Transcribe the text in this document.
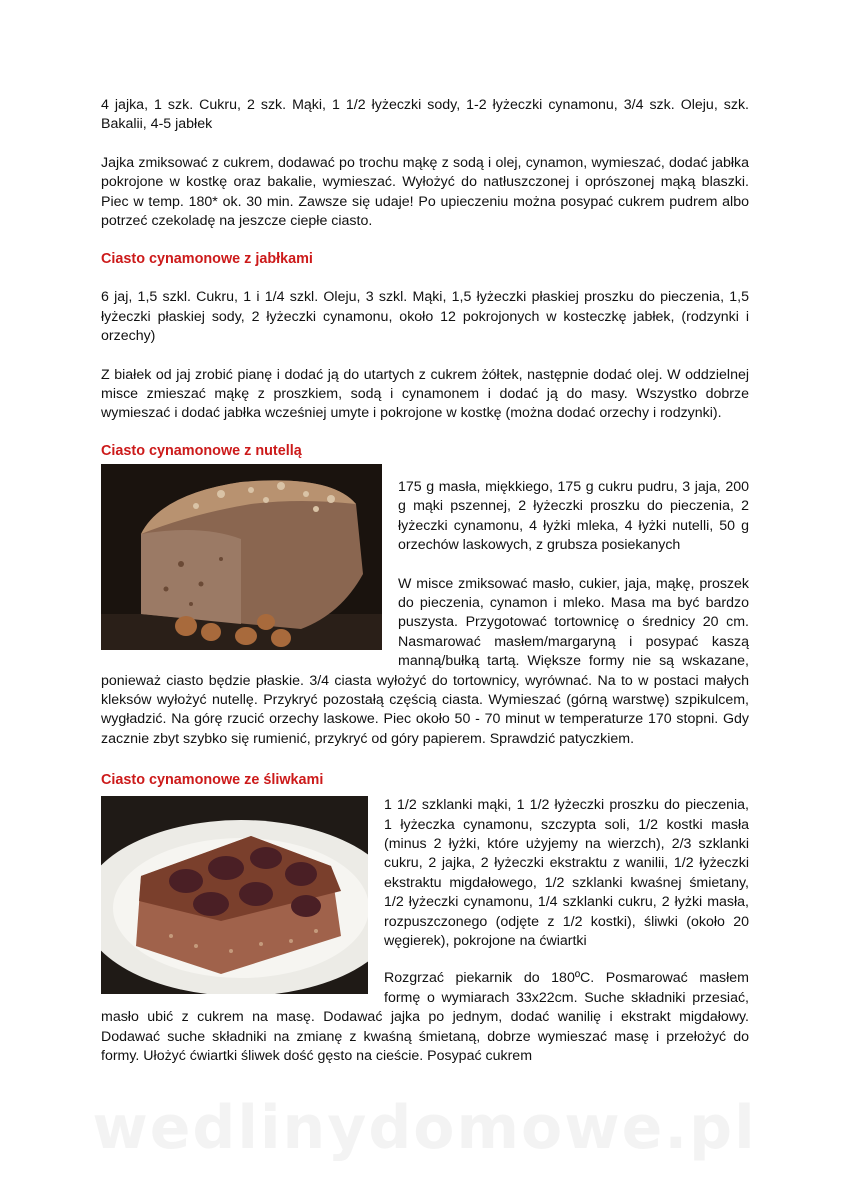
4 jajka, 1 szk. Cukru, 2 szk. Mąki, 1 1/2 łyżeczki sody, 1-2 łyżeczki cynamonu, 3/4 szk. Oleju, szk. Bakalii, 4-5 jabłek

Jajka zmiksować z cukrem, dodawać po trochu mąkę z sodą i olej, cynamon, wymieszać, dodać jabłka pokrojone w kostkę oraz bakalie, wymieszać. Wyłożyć do natłuszczonej i oprószonej mąką blaszki. Piec w temp. 180* ok. 30 min. Zawsze się udaje! Po upieczeniu można posypać cukrem pudrem albo potrzeć czekoladę na jeszcze ciepłe ciasto.

Ciasto cynamonowe z jabłkami

6 jaj, 1,5 szkl. Cukru, 1 i 1/4 szkl. Oleju, 3 szkl. Mąki, 1,5 łyżeczki płaskiej proszku do pieczenia, 1,5 łyżeczki płaskiej sody, 2 łyżeczki cynamonu, około 12 pokrojonych w kosteczkę jabłek, (rodzynki i orzechy)

Z białek od jaj zrobić pianę i dodać ją do utartych z cukrem żółtek, następnie dodać olej. W oddzielnej misce zmieszać mąkę z proszkiem, sodą i cynamonem i dodać ją do masy. Wszystko dobrze wymieszać i dodać jabłka wcześniej umyte i pokrojone w kostkę (można dodać orzechy i rodzynki).

Ciasto cynamonowe z nutellą

175 g masła, miękkiego, 175 g cukru pudru, 3 jaja, 200 g mąki pszennej, 2 łyżeczki proszku do pieczenia, 2 łyżeczki cynamonu, 4 łyżki mleka, 4 łyżki nutelli, 50 g orzechów laskowych, z grubsza posiekanych

W misce zmiksować masło, cukier, jaja, mąkę, proszek do pieczenia, cynamon i mleko. Masa ma być bardzo puszysta. Przygotować tortownicę o średnicy 20 cm. Nasmarować masłem/margaryną i posypać kaszą manną/bułką tartą. Większe formy nie są wskazane, ponieważ ciasto będzie płaskie. 3/4 ciasta wyłożyć do tortownicy, wyrównać. Na to w postaci małych kleksów wyłożyć nutellę. Przykryć pozostałą częścią ciasta. Wymieszać (górną warstwę) szpikulcem, wygładzić. Na górę rzucić orzechy laskowe. Piec około 50 - 70 minut w temperaturze 170 stopni. Gdy zacznie zbyt szybko się rumienić, przykryć od góry papierem. Sprawdzić patyczkiem.

Ciasto cynamonowe ze śliwkami

1 1/2 szklanki mąki, 1 1/2 łyżeczki proszku do pieczenia, 1 łyżeczka cynamonu, szczypta soli, 1/2 kostki masła (minus 2 łyżki, które użyjemy na wierzch), 2/3 szklanki cukru, 2 jajka, 2 łyżeczki ekstraktu z wanilii, 1/2 łyżeczki ekstraktu migdałowego, 1/2 szklanki kwaśnej śmietany, 1/2 łyżeczki cynamonu, 1/4 szklanki cukru, 2 łyżki masła, rozpuszczonego (odjęte z 1/2 kostki), śliwki (około 20 węgierek), pokrojone na ćwiartki

Rozgrzać piekarnik do 180ºC. Posmarować masłem formę o wymiarach 33x22cm. Suche składniki przesiać, masło ubić z cukrem na masę. Dodawać jajka po jednym, dodać wanilię i ekstrakt migdałowy. Dodawać suche składniki na zmianę z kwaśną śmietaną, dobrze wymieszać masę i przełożyć do formy. Ułożyć ćwiartki śliwek dość gęsto na cieście. Posypać cukrem

wedlinydomowe.pl
